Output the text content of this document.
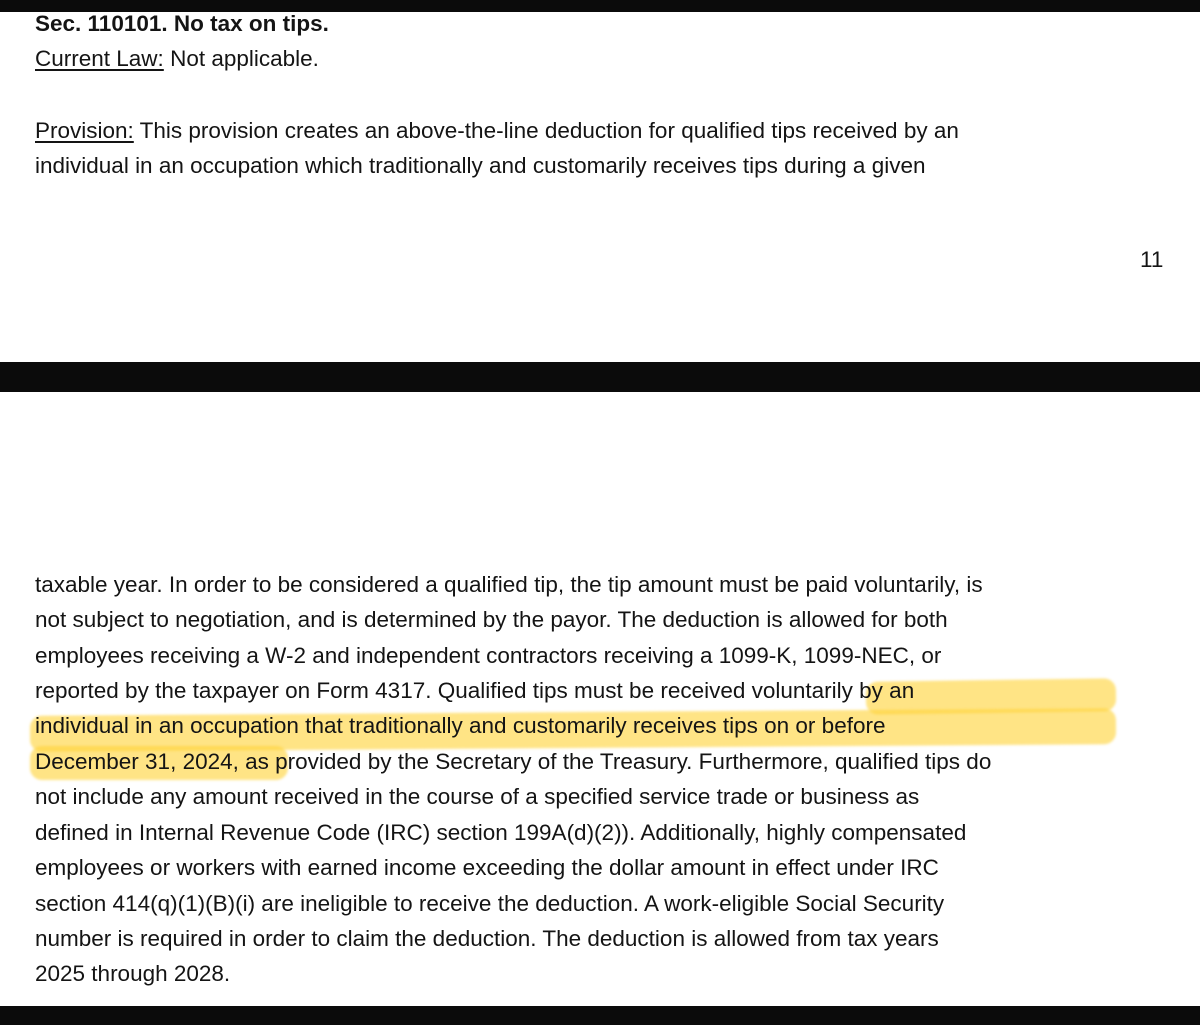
Sec. 110101. No tax on tips.
Current Law: Not applicable.
Provision: This provision creates an above-the-line deduction for qualified tips received by an
individual in an occupation which traditionally and customarily receives tips during a given
11
taxable year. In order to be considered a qualified tip, the tip amount must be paid voluntarily, is
not subject to negotiation, and is determined by the payor. The deduction is allowed for both
employees receiving a W-2 and independent contractors receiving a 1099-K, 1099-NEC, or
reported by the taxpayer on Form 4317. Qualified tips must be received voluntarily by an
individual in an occupation that traditionally and customarily receives tips on or before
December 31, 2024, as provided by the Secretary of the Treasury. Furthermore, qualified tips do
not include any amount received in the course of a specified service trade or business as
defined in Internal Revenue Code (IRC) section 199A(d)(2)). Additionally, highly compensated
employees or workers with earned income exceeding the dollar amount in effect under IRC
section 414(q)(1)(B)(i) are ineligible to receive the deduction. A work-eligible Social Security
number is required in order to claim the deduction. The deduction is allowed from tax years
2025 through 2028.
